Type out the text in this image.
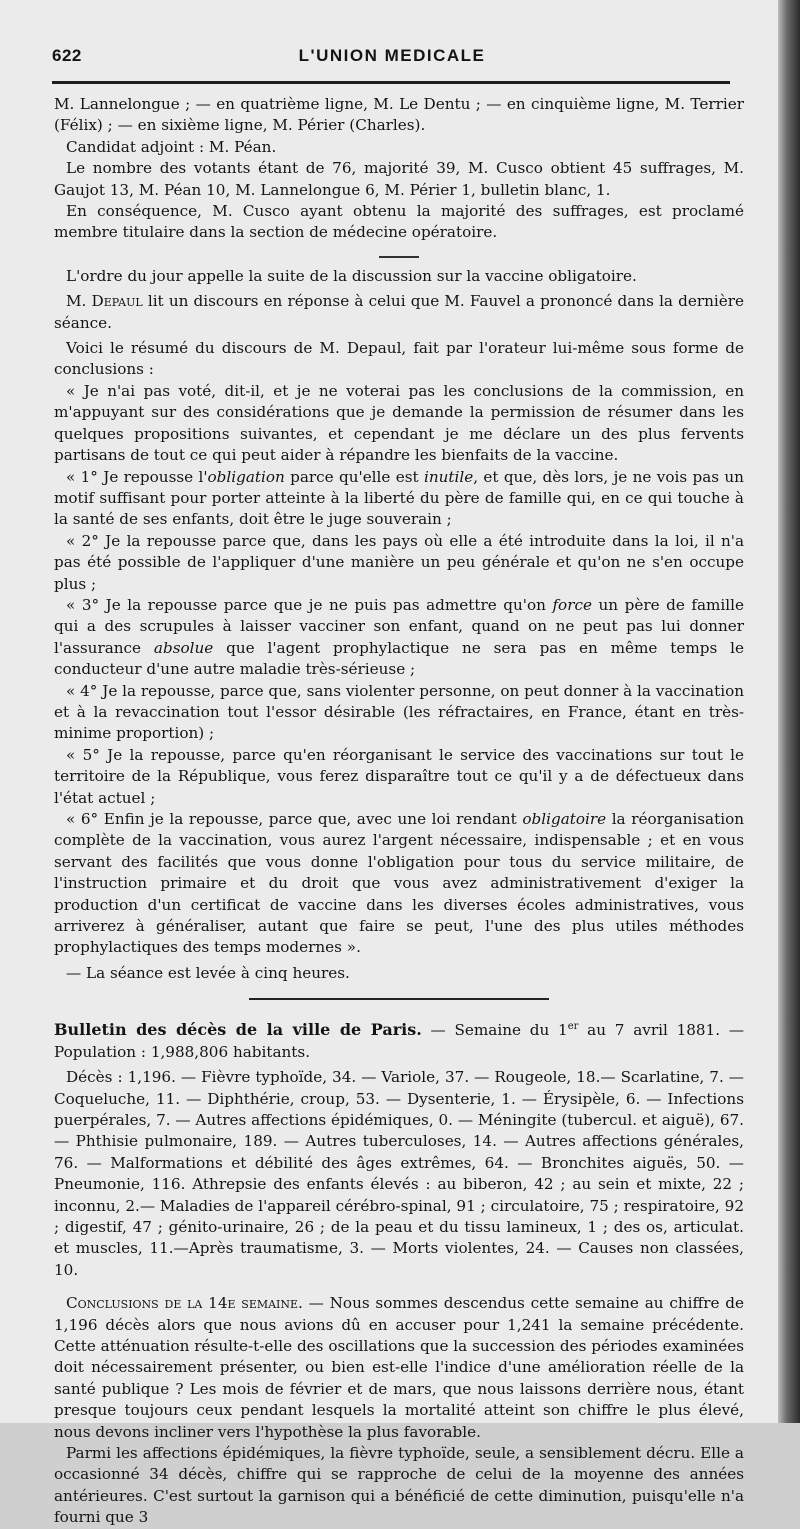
622	L'UNION MEDICALE

M. Lannelongue ; — en quatrième ligne, M. Le Dentu ; — en cinquième ligne, M. Terrier (Félix) ; — en sixième ligne, M. Périer (Charles).

Candidat adjoint : M. Péan.

Le nombre des votants étant de 76, majorité 39, M. Cusco obtient 45 suffrages, M. Gaujot 13, M. Péan 10, M. Lannelongue 6, M. Périer 1, bulletin blanc, 1.

En conséquence, M. Cusco ayant obtenu la majorité des suffrages, est proclamé membre titulaire dans la section de médecine opératoire.

L'ordre du jour appelle la suite de la discussion sur la vaccine obligatoire.

M. Depaul lit un discours en réponse à celui que M. Fauvel a prononcé dans la dernière séance.

Voici le résumé du discours de M. Depaul, fait par l'orateur lui-même sous forme de conclusions :

« Je n'ai pas voté, dit-il, et je ne voterai pas les conclusions de la commission, en m'appuyant sur des considérations que je demande la permission de résumer dans les quelques propositions suivantes, et cependant je me déclare un des plus fervents partisans de tout ce qui peut aider à répandre les bienfaits de la vaccine.

« 1° Je repousse l'obligation parce qu'elle est inutile, et que, dès lors, je ne vois pas un motif suffisant pour porter atteinte à la liberté du père de famille qui, en ce qui touche à la santé de ses enfants, doit être le juge souverain ;

« 2° Je la repousse parce que, dans les pays où elle a été introduite dans la loi, il n'a pas été possible de l'appliquer d'une manière un peu générale et qu'on ne s'en occupe plus ;

« 3° Je la repousse parce que je ne puis pas admettre qu'on force un père de famille qui a des scrupules à laisser vacciner son enfant, quand on ne peut pas lui donner l'assurance absolue que l'agent prophylactique ne sera pas en même temps le conducteur d'une autre maladie très-sérieuse ;

« 4° Je la repousse, parce que, sans violenter personne, on peut donner à la vaccination et à la revaccination tout l'essor désirable (les réfractaires, en France, étant en très-minime proportion) ;

« 5° Je la repousse, parce qu'en réorganisant le service des vaccinations sur tout le territoire de la République, vous ferez disparaître tout ce qu'il y a de défectueux dans l'état actuel ;

« 6° Enfin je la repousse, parce que, avec une loi rendant obligatoire la réorganisation complète de la vaccination, vous aurez l'argent nécessaire, indispensable ; et en vous servant des facilités que vous donne l'obligation pour tous du service militaire, de l'instruction primaire et du droit que vous avez administrativement d'exiger la production d'un certificat de vaccine dans les diverses écoles administratives, vous arriverez à généraliser, autant que faire se peut, l'une des plus utiles méthodes prophylactiques des temps modernes ».

— La séance est levée à cinq heures.

Bulletin des décès de la ville de Paris. — Semaine du 1er au 7 avril 1881. — Population : 1,988,806 habitants.

Décès : 1,196. — Fièvre typhoïde, 34. — Variole, 37. — Rougeole, 18.— Scarlatine, 7. — Coqueluche, 11. — Diphthérie, croup, 53. — Dysenterie, 1. — Érysipèle, 6. — Infections puerpérales, 7. — Autres affections épidémiques, 0. — Méningite (tubercul. et aiguë), 67. — Phthisie pulmonaire, 189. — Autres tuberculoses, 14. — Autres affections générales, 76. — Malformations et débilité des âges extrêmes, 64. — Bronchites aiguës, 50. — Pneumonie, 116. Athrepsie des enfants élevés : au biberon, 42 ; au sein et mixte, 22 ; inconnu, 2.— Maladies de l'appareil cérébro-spinal, 91 ; circulatoire, 75 ; respiratoire, 92 ; digestif, 47 ; génito-urinaire, 26 ; de la peau et du tissu lamineux, 1 ; des os, articulat. et muscles, 11.—Après traumatisme, 3. — Morts violentes, 24. — Causes non classées, 10.

Conclusions de la 14e semaine. — Nous sommes descendus cette semaine au chiffre de 1,196 décès alors que nous avions dû en accuser pour 1,241 la semaine précédente. Cette atténuation résulte-t-elle des oscillations que la succession des périodes examinées doit nécessairement présenter, ou bien est-elle l'indice d'une amélioration réelle de la santé publique ? Les mois de février et de mars, que nous laissons derrière nous, étant presque toujours ceux pendant lesquels la mortalité atteint son chiffre le plus élevé, nous devons incliner vers l'hypothèse la plus favorable.

Parmi les affections épidémiques, la fièvre typhoïde, seule, a sensiblement décru. Elle a occasionné 34 décès, chiffre qui se rapproche de celui de la moyenne des années antérieures. C'est surtout la garnison qui a bénéficié de cette diminution, puisqu'elle n'a fourni que 3
